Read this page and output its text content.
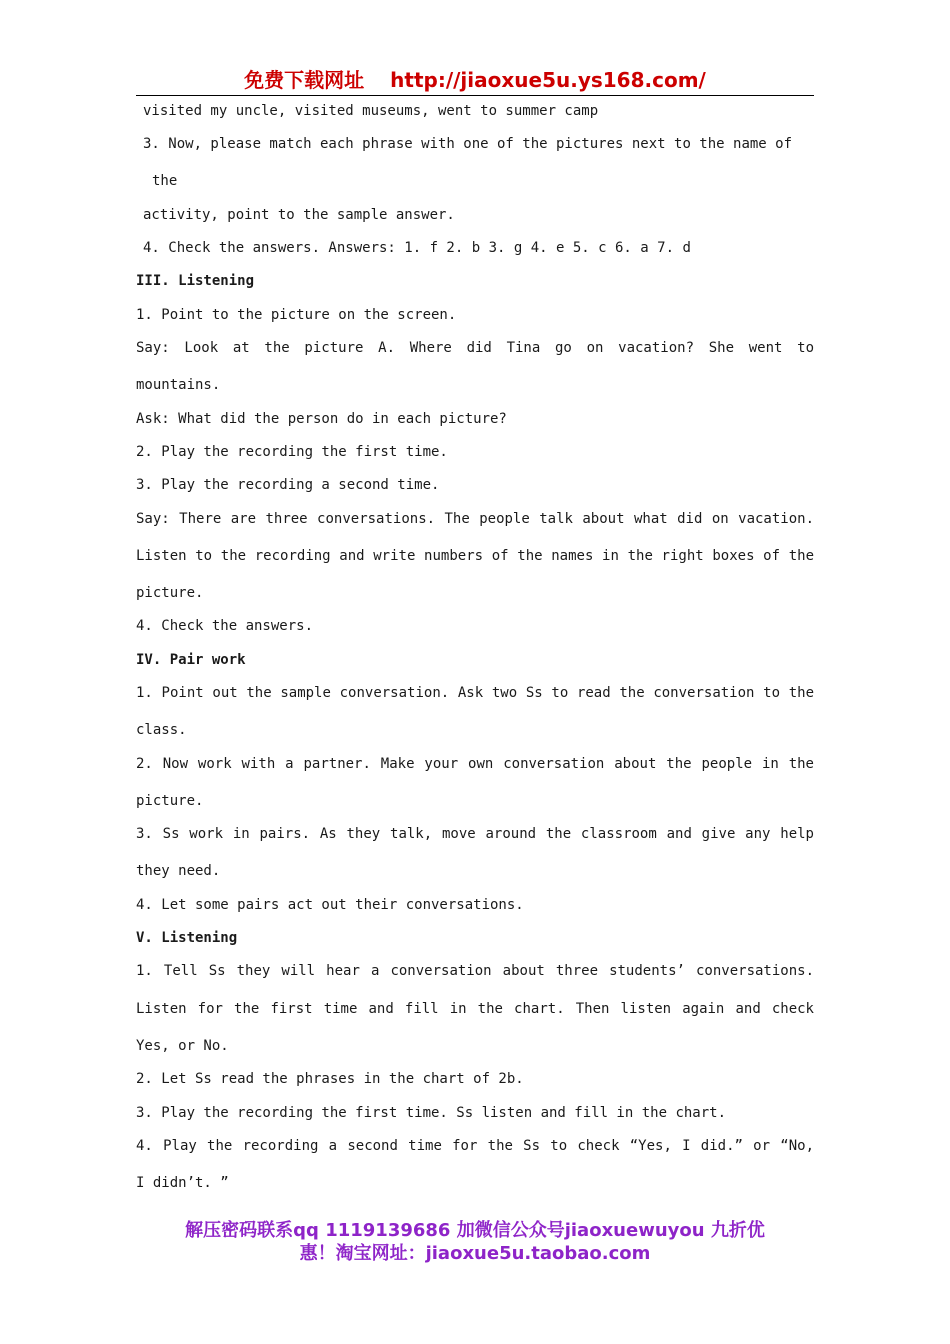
免费下载网址 http://jiaoxue5u.ys168.com/
visited my uncle, visited museums, went to summer camp
3. Now, please match each phrase with one of the pictures next to the name of
the
activity, point to the sample answer.
4. Check the answers. Answers: 1. f 2. b 3. g 4. e 5. c 6. a 7. d
III. Listening
1. Point to the picture on the screen.
Say: Look at the picture A. Where did Tina go on vacation? She went to
mountains.
Ask: What did the person do in each picture?
2. Play the recording the first time.
3. Play the recording a second time.
Say: There are three conversations. The people talk about what did on vacation.
Listen to the recording and write numbers of the names in the right boxes of the
picture.
4. Check the answers.
IV. Pair work
1. Point out the sample conversation. Ask two Ss to read the conversation to the
class.
2. Now work with a partner. Make your own conversation about the people in the
picture.
3. Ss work in pairs. As they talk, move around the classroom and give any help
they need.
4. Let some pairs act out their conversations.
V. Listening
1. Tell Ss they will hear a conversation about three students’ conversations.
Listen for the first time and fill in the chart. Then listen again and check
Yes, or No.
2. Let Ss read the phrases in the chart of 2b.
3. Play the recording the first time. Ss listen and fill in the chart.
4. Play the recording a second time for the Ss to check “Yes, I did.” or “No,
I didn’t. ”
解压密码联系qq 1119139686 加微信公众号jiaoxuewuyou 九折优
惠！淘宝网址：jiaoxue5u.taobao.com
